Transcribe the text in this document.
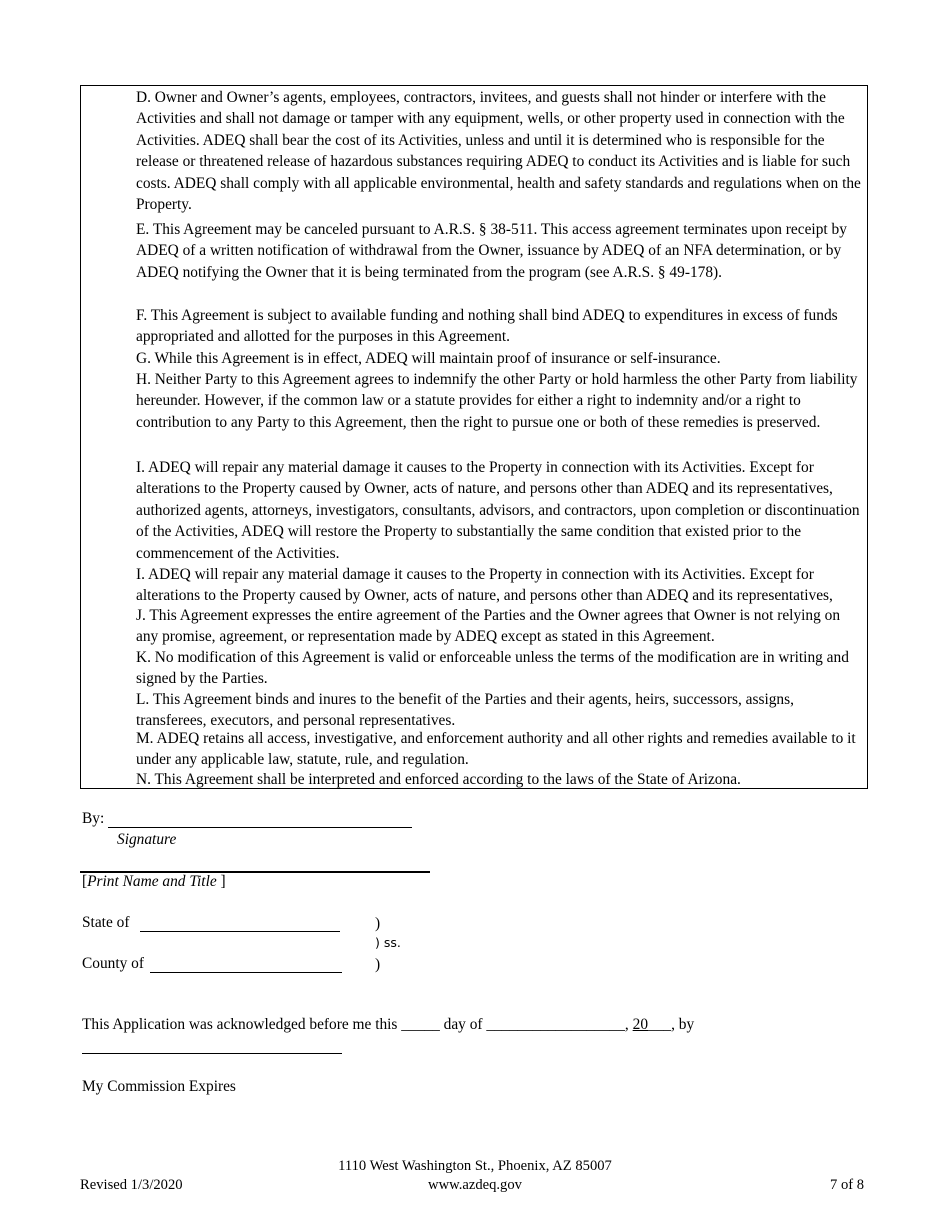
D. Owner and Owner’s agents, employees, contractors, invitees, and guests shall not hinder or interfere with the Activities and shall not damage or tamper with any equipment, wells, or other property used in connection with the Activities. ADEQ shall bear the cost of its Activities, unless and until it is determined who is responsible for the release or threatened release of hazardous substances requiring ADEQ to conduct its Activities and is liable for such costs. ADEQ shall comply with all applicable environmental, health and safety standards and regulations when on the Property.

E. This Agreement may be canceled pursuant to A.R.S. § 38-511. This access agreement terminates upon receipt by ADEQ of a written notification of withdrawal from the Owner, issuance by ADEQ of an NFA determination, or by ADEQ notifying the Owner that it is being terminated from the program (see A.R.S. § 49-178).

F. This Agreement is subject to available funding and nothing shall bind ADEQ to expenditures in excess of funds appropriated and allotted for the purposes in this Agreement.

G. While this Agreement is in effect, ADEQ will maintain proof of insurance or self-insurance.

H. Neither Party to this Agreement agrees to indemnify the other Party or hold harmless the other Party from liability hereunder. However, if the common law or a statute provides for either a right to indemnity and/or a right to contribution to any Party to this Agreement, then the right to pursue one or both of these remedies is preserved.

I. ADEQ will repair any material damage it causes to the Property in connection with its Activities. Except for alterations to the Property caused by Owner, acts of nature, and persons other than ADEQ and its representatives, authorized agents, attorneys, investigators, consultants, advisors, and contractors, upon completion or discontinuation of the Activities, ADEQ will restore the Property to substantially the same condition that existed prior to the commencement of the Activities.

I. ADEQ will repair any material damage it causes to the Property in connection with its Activities. Except for alterations to the Property caused by Owner, acts of nature, and persons other than ADEQ and its representatives,

J. This Agreement expresses the entire agreement of the Parties and the Owner agrees that Owner is not relying on any promise, agreement, or representation made by ADEQ except as stated in this Agreement.

K. No modification of this Agreement is valid or enforceable unless the terms of the modification are in writing and signed by the Parties.

L. This Agreement binds and inures to the benefit of the Parties and their agents, heirs, successors, assigns, transferees, executors, and personal representatives.

M. ADEQ retains all access, investigative, and enforcement authority and all other rights and remedies available to it under any applicable law, statute, rule, and regulation.

N. This Agreement shall be interpreted and enforced according to the laws of the State of Arizona.

By:
Signature
[Print Name and Title ]
State of	)
) ss.
County of	)
This Application was acknowledged before me this _____ day of __________________, 20___, by
My Commission Expires
Revised 1/3/2020
1110 West Washington St., Phoenix, AZ 85007
www.azdeq.gov	7 of 8
